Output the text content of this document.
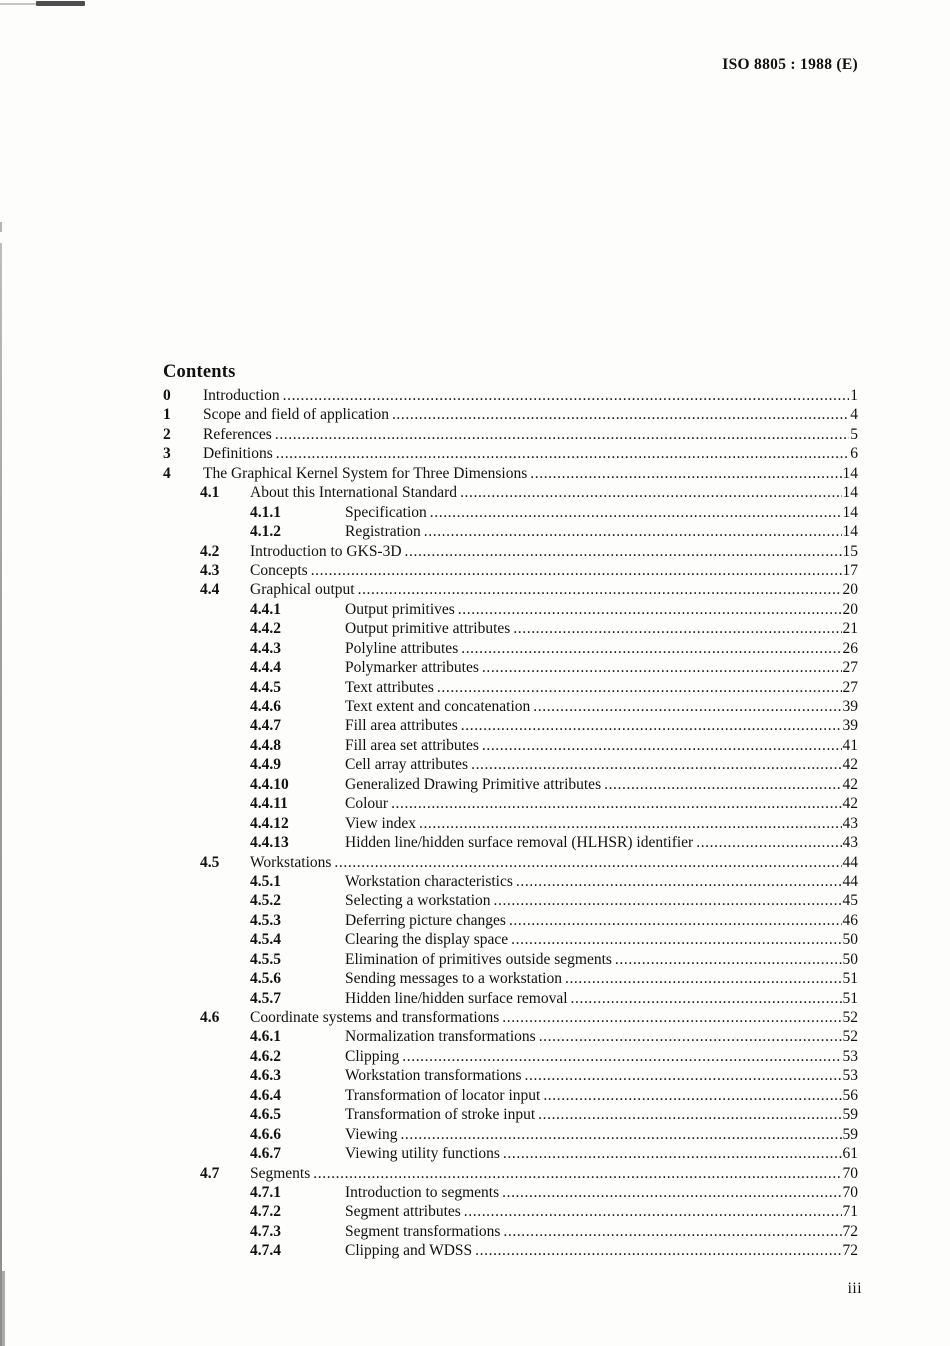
ISO 8805 : 1988 (E)
Contents
0	Introduction .....	1
1	Scope and field of application .....	4
2	References .....	5
3	Definitions .....	6
4	The Graphical Kernel System for Three Dimensions .....	14
4.1	About this International Standard .....	14
4.1.1	Specification .....	14
4.1.2	Registration .....	14
4.2	Introduction to GKS-3D .....	15
4.3	Concepts .....	17
4.4	Graphical output .....	20
4.4.1	Output primitives .....	20
4.4.2	Output primitive attributes .....	21
4.4.3	Polyline attributes .....	26
4.4.4	Polymarker attributes .....	27
4.4.5	Text attributes .....	27
4.4.6	Text extent and concatenation .....	39
4.4.7	Fill area attributes .....	39
4.4.8	Fill area set attributes .....	41
4.4.9	Cell array attributes .....	42
4.4.10	Generalized Drawing Primitive attributes .....	42
4.4.11	Colour .....	42
4.4.12	View index .....	43
4.4.13	Hidden line/hidden surface removal (HLHSR) identifier .....	43
4.5	Workstations .....	44
4.5.1	Workstation characteristics .....	44
4.5.2	Selecting a workstation .....	45
4.5.3	Deferring picture changes .....	46
4.5.4	Clearing the display space .....	50
4.5.5	Elimination of primitives outside segments .....	50
4.5.6	Sending messages to a workstation .....	51
4.5.7	Hidden line/hidden surface removal .....	51
4.6	Coordinate systems and transformations .....	52
4.6.1	Normalization transformations .....	52
4.6.2	Clipping .....	53
4.6.3	Workstation transformations .....	53
4.6.4	Transformation of locator input .....	56
4.6.5	Transformation of stroke input .....	59
4.6.6	Viewing .....	59
4.6.7	Viewing utility functions .....	61
4.7	Segments .....	70
4.7.1	Introduction to segments .....	70
4.7.2	Segment attributes .....	71
4.7.3	Segment transformations .....	72
4.7.4	Clipping and WDSS .....	72
iii
